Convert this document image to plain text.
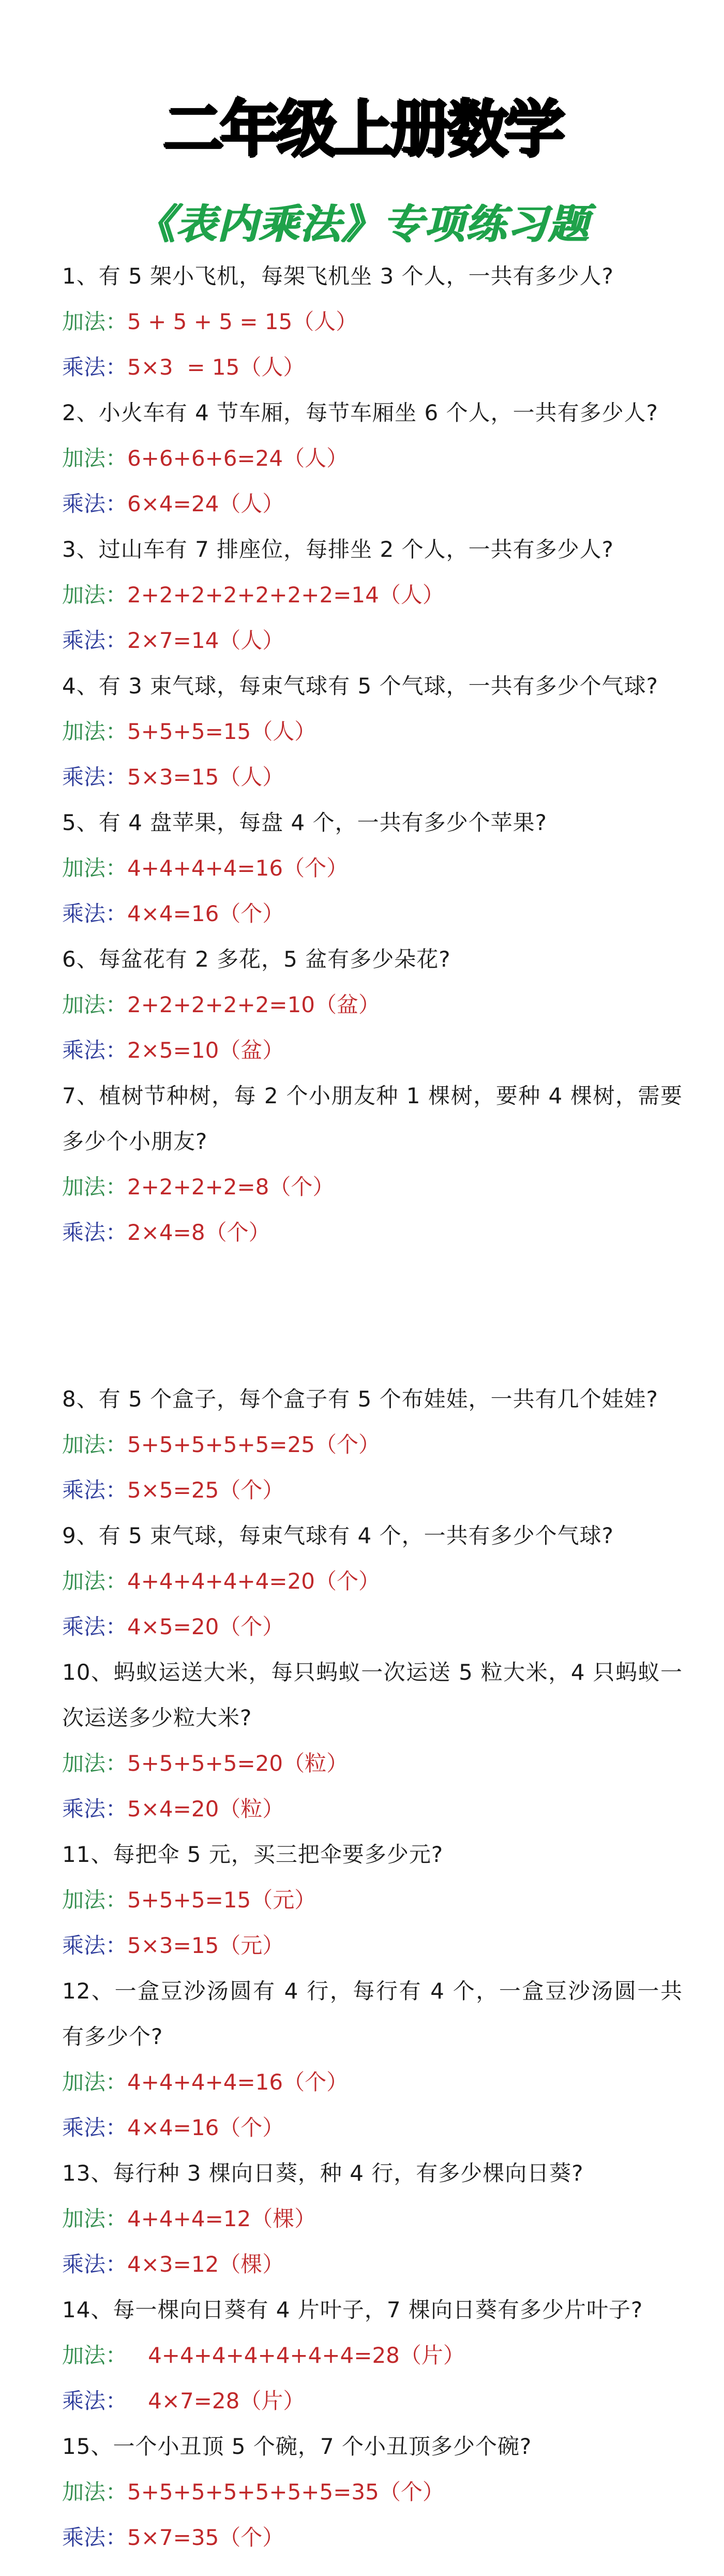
二年级上册数学
《表内乘法》专项练习题
1、有 5 架小飞机，每架飞机坐 3 个人，一共有多少人?
加法：5 + 5 + 5 = 15（人）
乘法：5×3  = 15（人）
2、小火车有 4 节车厢，每节车厢坐 6 个人，一共有多少人?
加法：6+6+6+6=24（人）
乘法：6×4=24（人）
3、过山车有 7 排座位，每排坐 2 个人，一共有多少人?
加法：2+2+2+2+2+2+2=14（人）
乘法：2×7=14（人）
4、有 3 束气球，每束气球有 5 个气球，一共有多少个气球?
加法：5+5+5=15（人）
乘法：5×3=15（人）
5、有 4 盘苹果，每盘 4 个，一共有多少个苹果?
加法：4+4+4+4=16（个）
乘法：4×4=16（个）
6、每盆花有 2 多花，5 盆有多少朵花?
加法：2+2+2+2+2=10（盆）
乘法：2×5=10（盆）
7、植树节种树，每 2 个小朋友种 1 棵树，要种 4 棵树，需要多少个小朋友?
加法：2+2+2+2=8（个）
乘法：2×4=8（个）
8、有 5 个盒子，每个盒子有 5 个布娃娃，一共有几个娃娃?
加法：5+5+5+5+5=25（个）
乘法：5×5=25（个）
9、有 5 束气球，每束气球有 4 个，一共有多少个气球?
加法：4+4+4+4+4=20（个）
乘法：4×5=20（个）
10、蚂蚁运送大米，每只蚂蚁一次运送 5 粒大米，4 只蚂蚁一次运送多少粒大米?
加法：5+5+5+5=20（粒）
乘法：5×4=20（粒）
11、每把伞 5 元，买三把伞要多少元?
加法：5+5+5=15（元）
乘法：5×3=15（元）
12、一盒豆沙汤圆有 4 行，每行有 4 个，一盒豆沙汤圆一共有多少个?
加法：4+4+4+4=16（个）
乘法：4×4=16（个）
13、每行种 3 棵向日葵，种 4 行，有多少棵向日葵?
加法：4+4+4=12（棵）
乘法：4×3=12（棵）
14、每一棵向日葵有 4 片叶子，7 棵向日葵有多少片叶子?
加法：   4+4+4+4+4+4+4=28（片）
乘法：   4×7=28（片）
15、一个小丑顶 5 个碗，7 个小丑顶多少个碗?
加法：5+5+5+5+5+5+5=35（个）
乘法：5×7=35（个）
